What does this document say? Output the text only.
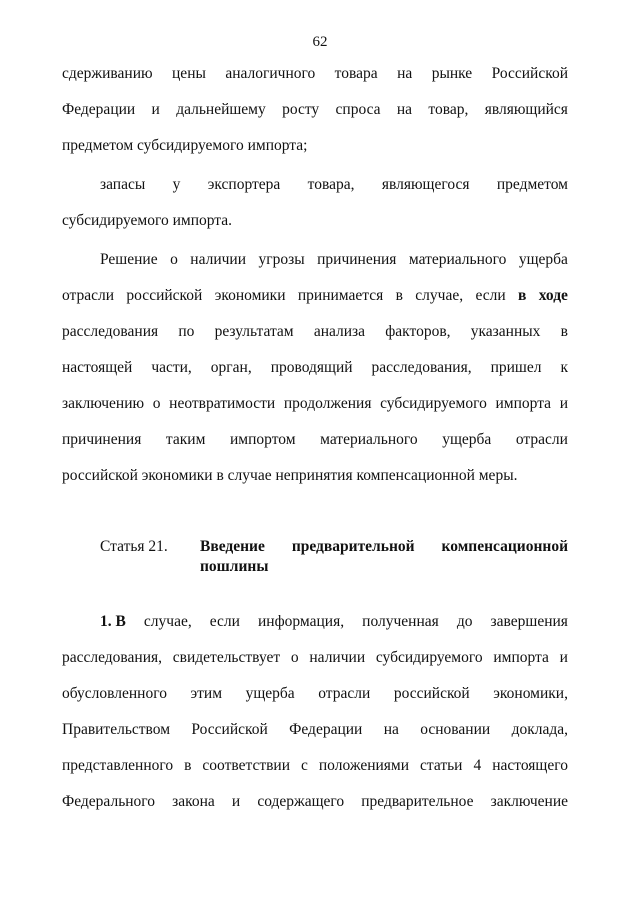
62
сдерживанию цены аналогичного товара на рынке Российской
Федерации и дальнейшему росту спроса на товар, являющийся
предметом субсидируемого импорта;
запасы у экспортера товара, являющегося предметом
субсидируемого импорта.
Решение о наличии угрозы причинения материального ущерба
отрасли российской экономики принимается в случае, если в ходе
расследования по результатам анализа факторов, указанных в
настоящей части, орган, проводящий расследования, пришел к
заключению о неотвратимости продолжения субсидируемого импорта и
причинения таким импортом материального ущерба отрасли
российской экономики в случае непринятия компенсационной меры.
Статья 21. Введение предварительной компенсационной
пошлины
1. В случае, если информация, полученная до завершения
расследования, свидетельствует о наличии субсидируемого импорта и
обусловленного этим ущерба отрасли российской экономики,
Правительством Российской Федерации на основании доклада,
представленного в соответствии с положениями статьи 4 настоящего
Федерального закона и содержащего предварительное заключение
